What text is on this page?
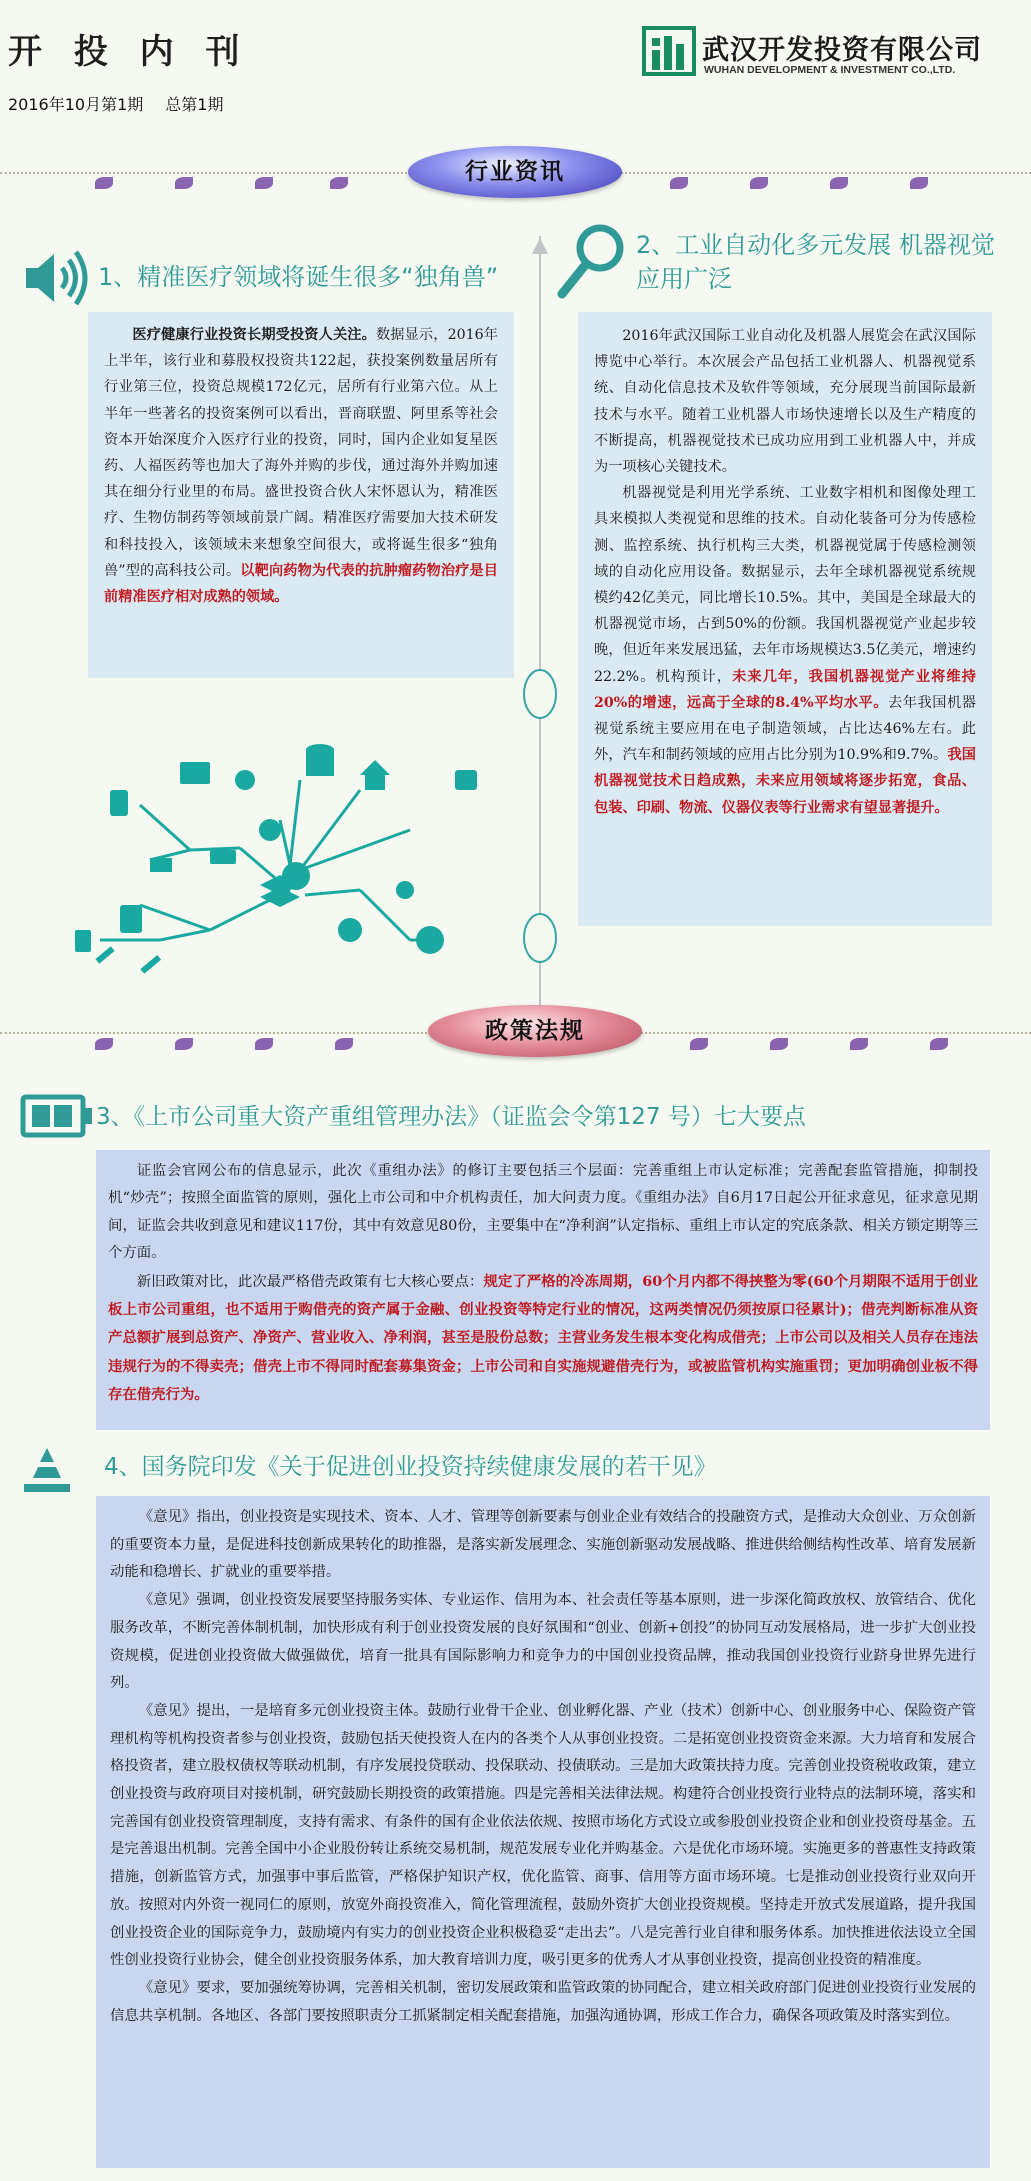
开 投 内 刊
2016年10月第1期 总第1期
武汉开发投资有限公司
WUHAN DEVELOPMENT & INVESTMENT CO.,LTD.
行业资讯
1、精准医疗领域将诞生很多“独角兽”

医疗健康行业投资长期受投资人关注。数据显示，2016年上半年，该行业和募股权投资共122起，获投案例数量居所有行业第三位，投资总规模172亿元，居所有行业第六位。从上半年一些著名的投资案例可以看出，晋商联盟、阿里系等社会资本开始深度介入医疗行业的投资，同时，国内企业如复星医药、人福医药等也加大了海外并购的步伐，通过海外并购加速其在细分行业里的布局。盛世投资合伙人宋怀恩认为，精准医疗、生物仿制药等领域前景广阔。精准医疗需要加大技术研发和科技投入，该领域未来想象空间很大，或将诞生很多“独角兽”型的高科技公司。以靶向药物为代表的抗肿瘤药物治疗是目前精准医疗相对成熟的领域。

2、工业自动化多元发展 机器视觉应用广泛

2016年武汉国际工业自动化及机器人展览会在武汉国际博览中心举行。本次展会产品包括工业机器人、机器视觉系统、自动化信息技术及软件等领域，充分展现当前国际最新技术与水平。随着工业机器人市场快速增长以及生产精度的不断提高，机器视觉技术已成功应用到工业机器人中，并成为一项核心关键技术。

机器视觉是利用光学系统、工业数字相机和图像处理工具来模拟人类视觉和思维的技术。自动化装备可分为传感检测、监控系统、执行机构三大类，机器视觉属于传感检测领域的自动化应用设备。数据显示，去年全球机器视觉系统规模约42亿美元，同比增长10.5%。其中，美国是全球最大的机器视觉市场，占到50%的份额。我国机器视觉产业起步较晚，但近年来发展迅猛，去年市场规模达3.5亿美元，增速约22.2%。机构预计，未来几年，我国机器视觉产业将维持20%的增速，远高于全球的8.4%平均水平。去年我国机器视觉系统主要应用在电子制造领域，占比达46%左右。此外，汽车和制药领域的应用占比分别为10.9%和9.7%。我国机器视觉技术日趋成熟，未来应用领域将逐步拓宽，食品、包装、印刷、物流、仪器仪表等行业需求有望显著提升。

政策法规
3、《上市公司重大资产重组管理办法》（证监会令第127 号）七大要点

证监会官网公布的信息显示，此次《重组办法》的修订主要包括三个层面：完善重组上市认定标准；完善配套监管措施，抑制投机“炒壳”；按照全面监管的原则，强化上市公司和中介机构责任，加大问责力度。《重组办法》自6月17日起公开征求意见，征求意见期间，证监会共收到意见和建议117份，其中有效意见80份，主要集中在“净利润”认定指标、重组上市认定的究底条款、相关方锁定期等三个方面。

新旧政策对比，此次最严格借壳政策有七大核心要点：规定了严格的冷冻周期，60个月内都不得挟整为零(60个月期限不适用于创业板上市公司重组，也不适用于购借壳的资产属于金融、创业投资等特定行业的情况，这两类情况仍须按原口径累计)；借壳判断标准从资产总额扩展到总资产、净资产、营业收入、净利润，甚至是股份总数；主营业务发生根本变化构成借壳；上市公司以及相关人员存在违法违规行为的不得卖壳；借壳上市不得同时配套募集资金；上市公司和自实施规避借壳行为，或被监管机构实施重罚；更加明确创业板不得存在借壳行为。

4、国务院印发《关于促进创业投资持续健康发展的若干见》

《意见》指出，创业投资是实现技术、资本、人才、管理等创新要素与创业企业有效结合的投融资方式，是推动大众创业、万众创新的重要资本力量，是促进科技创新成果转化的助推器，是落实新发展理念、实施创新驱动发展战略、推进供给侧结构性改革、培育发展新动能和稳增长、扩就业的重要举措。

《意见》强调，创业投资发展要坚持服务实体、专业运作、信用为本、社会责任等基本原则，进一步深化简政放权、放管结合、优化服务改革，不断完善体制机制，加快形成有利于创业投资发展的良好氛围和“创业、创新+创投”的协同互动发展格局，进一步扩大创业投资规模，促进创业投资做大做强做优，培育一批具有国际影响力和竞争力的中国创业投资品牌，推动我国创业投资行业跻身世界先进行列。

《意见》提出，一是培育多元创业投资主体。鼓励行业骨干企业、创业孵化器、产业（技术）创新中心、创业服务中心、保险资产管理机构等机构投资者参与创业投资，鼓励包括天使投资人在内的各类个人从事创业投资。二是拓宽创业投资资金来源。大力培育和发展合格投资者，建立股权债权等联动机制，有序发展投贷联动、投保联动、投债联动。三是加大政策扶持力度。完善创业投资税收政策，建立创业投资与政府项目对接机制，研究鼓励长期投资的政策措施。四是完善相关法律法规。构建符合创业投资行业特点的法制环境，落实和完善国有创业投资管理制度，支持有需求、有条件的国有企业依法依规、按照市场化方式设立或参股创业投资企业和创业投资母基金。五是完善退出机制。完善全国中小企业股份转让系统交易机制，规范发展专业化并购基金。六是优化市场环境。实施更多的普惠性支持政策措施，创新监管方式，加强事中事后监管，严格保护知识产权，优化监管、商事、信用等方面市场环境。七是推动创业投资行业双向开放。按照对内外资一视同仁的原则，放宽外商投资准入，简化管理流程，鼓励外资扩大创业投资规模。坚持走开放式发展道路，提升我国创业投资企业的国际竞争力，鼓励境内有实力的创业投资企业积极稳妥“走出去”。八是完善行业自律和服务体系。加快推进依法设立全国性创业投资行业协会，健全创业投资服务体系，加大教育培训力度，吸引更多的优秀人才从事创业投资，提高创业投资的精准度。

《意见》要求，要加强统筹协调，完善相关机制，密切发展政策和监管政策的协同配合，建立相关政府部门促进创业投资行业发展的信息共享机制。各地区、各部门要按照职责分工抓紧制定相关配套措施，加强沟通协调，形成工作合力，确保各项政策及时落实到位。
